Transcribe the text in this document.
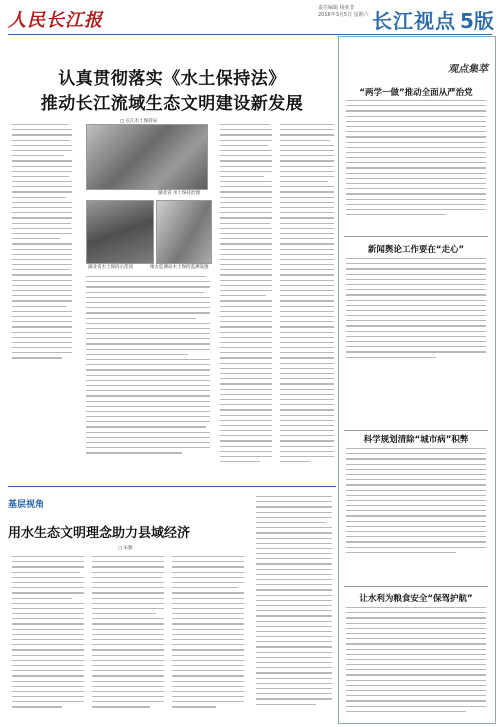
人民长江报
责任编辑 杨亚非
2016年3月5日 星期六 长江视点 5版
认真贯彻落实《水土保持法》
推动长江流域生态文明建设新发展
湖北省 水土保持治理
湖北省水土保持示范园	地方监测站水土保持监测设施
□ 长江水土保持局
基层视角
用水生态文明理念助力县域经济
□ 朱鹏
观点集萃
“两学一做”推动全面从严治党
新闻舆论工作要在“走心”
科学规划清除“城市病”积弊
让水利为粮食安全“保驾护航”
